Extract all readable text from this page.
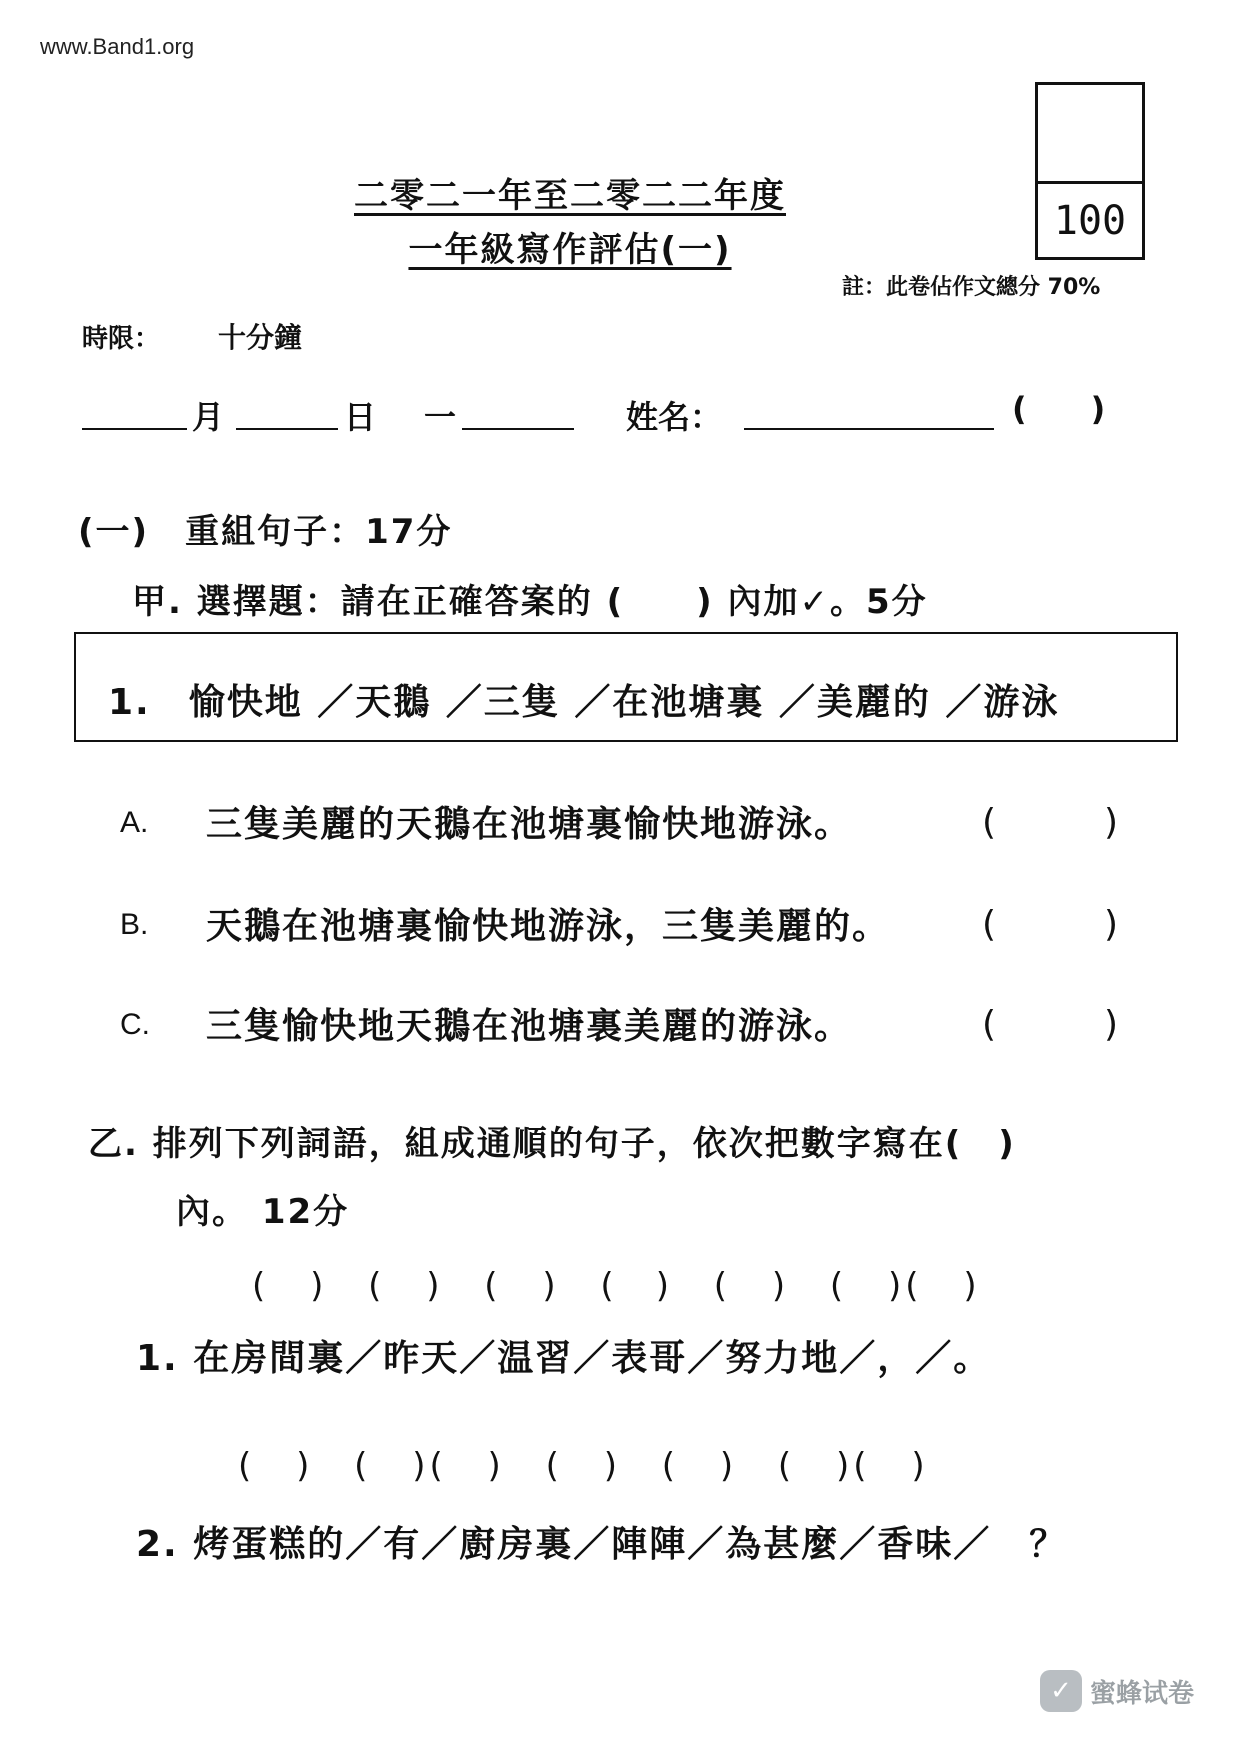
www.Band1.org
二零二一年至二零二二年度
一年級寫作評估(一)
100
註：此卷佔作文總分 70%
時限： 十分鐘
月	日 一	姓名：	(　　)
(一)　重組句子：17分
甲. 選擇題：請在正確答案的 (　　) 內加✓。5分
1.　愉快地 ／天鵝 ／三隻 ／在池塘裏 ／美麗的 ／游泳
A. 三隻美麗的天鵝在池塘裏愉快地游泳。	(　　　)
B. 天鵝在池塘裏愉快地游泳，三隻美麗的。	(　　　)
C. 三隻愉快地天鵝在池塘裏美麗的游泳。	(　　　)
乙. 排列下列詞語，組成通順的句子，依次把數字寫在(　)
內。 12分
( ) ( ) ( ) (　) ( ) ( )( )
1. 在房間裏／昨天／温習／表哥／努力地／，／。
( ) ( )( ) ( ) ( ) ( )( )
2. 烤蛋糕的／有／廚房裏／陣陣／為甚麼／香味／　？
✓ 蜜蜂试卷
